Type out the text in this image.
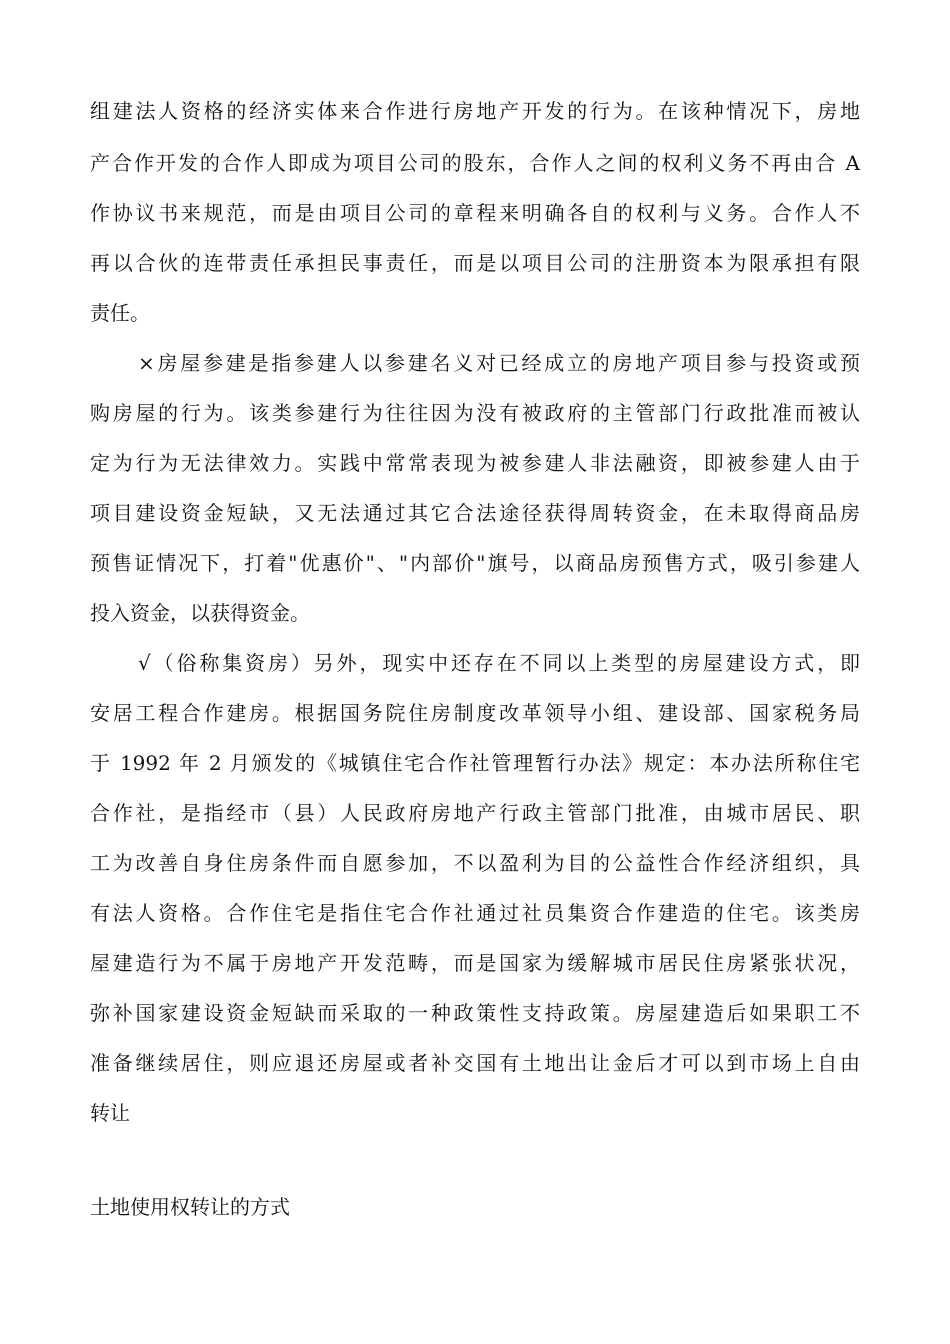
组建法人资格的经济实体来合作进行房地产开发的行为。在该种情况下，房地
产合作开发的合作人即成为项目公司的股东，合作人之间的权利义务不再由合 A
作协议书来规范，而是由项目公司的章程来明确各自的权利与义务。合作人不
再以合伙的连带责任承担民事责任，而是以项目公司的注册资本为限承担有限
责任。
×房屋参建是指参建人以参建名义对已经成立的房地产项目参与投资或预
购房屋的行为。该类参建行为往往因为没有被政府的主管部门行政批准而被认
定为行为无法律效力。实践中常常表现为被参建人非法融资，即被参建人由于
项目建设资金短缺，又无法通过其它合法途径获得周转资金，在未取得商品房
预售证情况下，打着"优惠价"、"内部价"旗号，以商品房预售方式，吸引参建人
投入资金，以获得资金。
√（俗称集资房）另外，现实中还存在不同以上类型的房屋建设方式，即
安居工程合作建房。根据国务院住房制度改革领导小组、建设部、国家税务局
于 1992 年 2 月颁发的《城镇住宅合作社管理暂行办法》规定：本办法所称住宅
合作社，是指经市（县）人民政府房地产行政主管部门批准，由城市居民、职
工为改善自身住房条件而自愿参加，不以盈利为目的公益性合作经济组织，具
有法人资格。合作住宅是指住宅合作社通过社员集资合作建造的住宅。该类房
屋建造行为不属于房地产开发范畴，而是国家为缓解城市居民住房紧张状况，
弥补国家建设资金短缺而采取的一种政策性支持政策。房屋建造后如果职工不
准备继续居住，则应退还房屋或者补交国有土地出让金后才可以到市场上自由
转让
土地使用权转让的方式
